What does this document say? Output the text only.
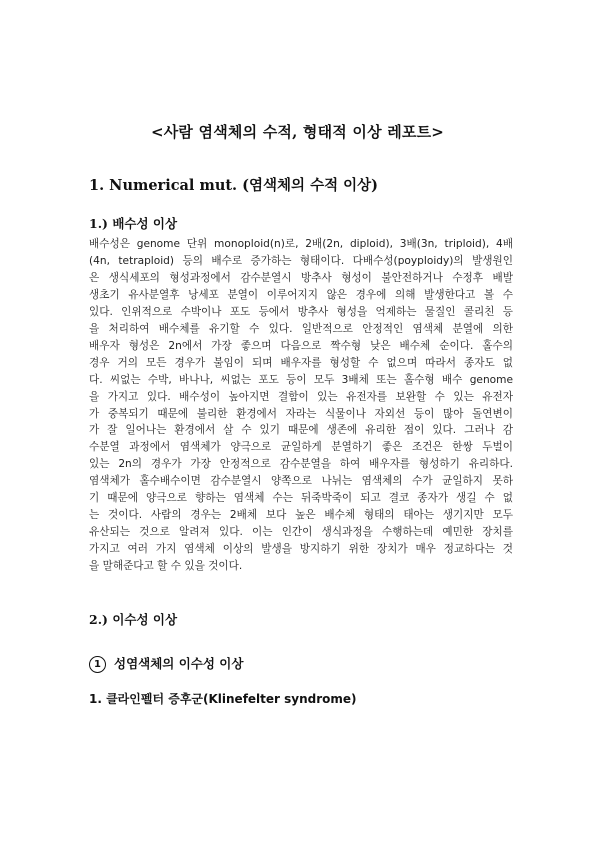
<사람 염색체의 수적, 형태적 이상 레포트>
1. Numerical mut. (염색체의 수적 이상)
1.) 배수성 이상
배수성은 genome 단위 monoploid(n)로, 2배(2n, diploid), 3배(3n, triploid), 4배
(4n, tetraploid) 등의 배수로 증가하는 형태이다. 다배수성(poyploidy)의 발생원인
은 생식세포의 형성과정에서 감수분열시 방추사 형성이 불안전하거나 수정후 배발
생초기 유사분열후 낭세포 분열이 이루어지지 않은 경우에 의해 발생한다고 볼 수
있다. 인위적으로 수박이나 포도 등에서 방추사 형성을 억제하는 물질인 콜리친 등
을 처리하여 배수체를 유기할 수 있다. 일반적으로 안정적인 염색체 분열에 의한
배우자 형성은 2n에서 가장 좋으며 다음으로 짝수형 낮은 배수체 순이다. 홀수의
경우 거의 모든 경우가 불임이 되며 배우자를 형성할 수 없으며 따라서 종자도 없
다. 씨없는 수박, 바나나, 씨없는 포도 등이 모두 3배체 또는 홀수형 배수 genome
을 가지고 있다. 배수성이 높아지면 결함이 있는 유전자를 보완할 수 있는 유전자
가 중복되기 때문에 불리한 환경에서 자라는 식물이나 자외선 등이 많아 돌연변이
가 잘 일어나는 환경에서 살 수 있기 때문에 생존에 유리한 점이 있다. 그러나 감
수분열 과정에서 염색체가 양극으로 균일하게 분열하기 좋은 조건은 한쌍 두벌이
있는 2n의 경우가 가장 안정적으로 감수분열을 하여 배우자를 형성하기 유리하다.
염색체가 홀수배수이면 감수분열시 양쪽으로 나뉘는 염색체의 수가 균일하지 못하
기 때문에 양극으로 향하는 염색체 수는 뒤죽박죽이 되고 결코 종자가 생길 수 없
는 것이다. 사람의 경우는 2배체 보다 높은 배수체 형태의 태아는 생기지만 모두
유산되는 것으로 알려져 있다. 이는 인간이 생식과정을 수행하는데 예민한 장치를
가지고 여러 가지 염색체 이상의 발생을 방지하기 위한 장치가 매우 정교하다는 것
을 말해준다고 할 수 있을 것이다.
2.) 이수성 이상
1 성염색체의 이수성 이상
1. 클라인펠터 증후군(Klinefelter syndrome)
